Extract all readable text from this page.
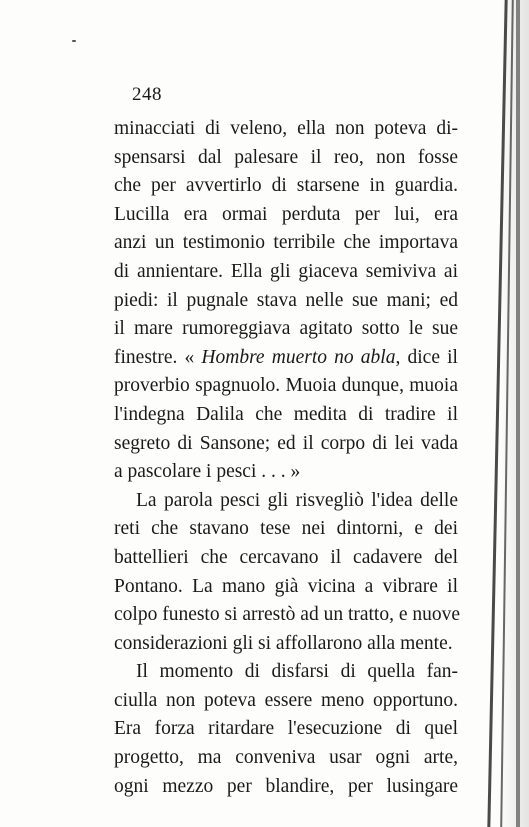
248
minacciati di veleno, ella non poteva di-
spensarsi dal palesare il reo, non fosse
che per avvertirlo di starsene in guardia.
Lucilla era ormai perduta per lui, era
anzi un testimonio terribile che importava
di annientare. Ella gli giaceva semiviva ai
piedi: il pugnale stava nelle sue mani; ed
il mare rumoreggiava agitato sotto le sue
finestre. « Hombre muerto no abla, dice il
proverbio spagnuolo. Muoia dunque, muoia
l'indegna Dalila che medita di tradire il
segreto di Sansone; ed il corpo di lei vada
a pascolare i pesci . . . »
La parola pesci gli risvegliò l'idea delle
reti che stavano tese nei dintorni, e dei
battellieri che cercavano il cadavere del
Pontano. La mano già vicina a vibrare il
colpo funesto si arrestò ad un tratto, e nuove
considerazioni gli si affollarono alla mente.
Il momento di disfarsi di quella fan-
ciulla non poteva essere meno opportuno.
Era forza ritardare l'esecuzione di quel
progetto, ma conveniva usar ogni arte,
ogni mezzo per blandire, per lusingare
